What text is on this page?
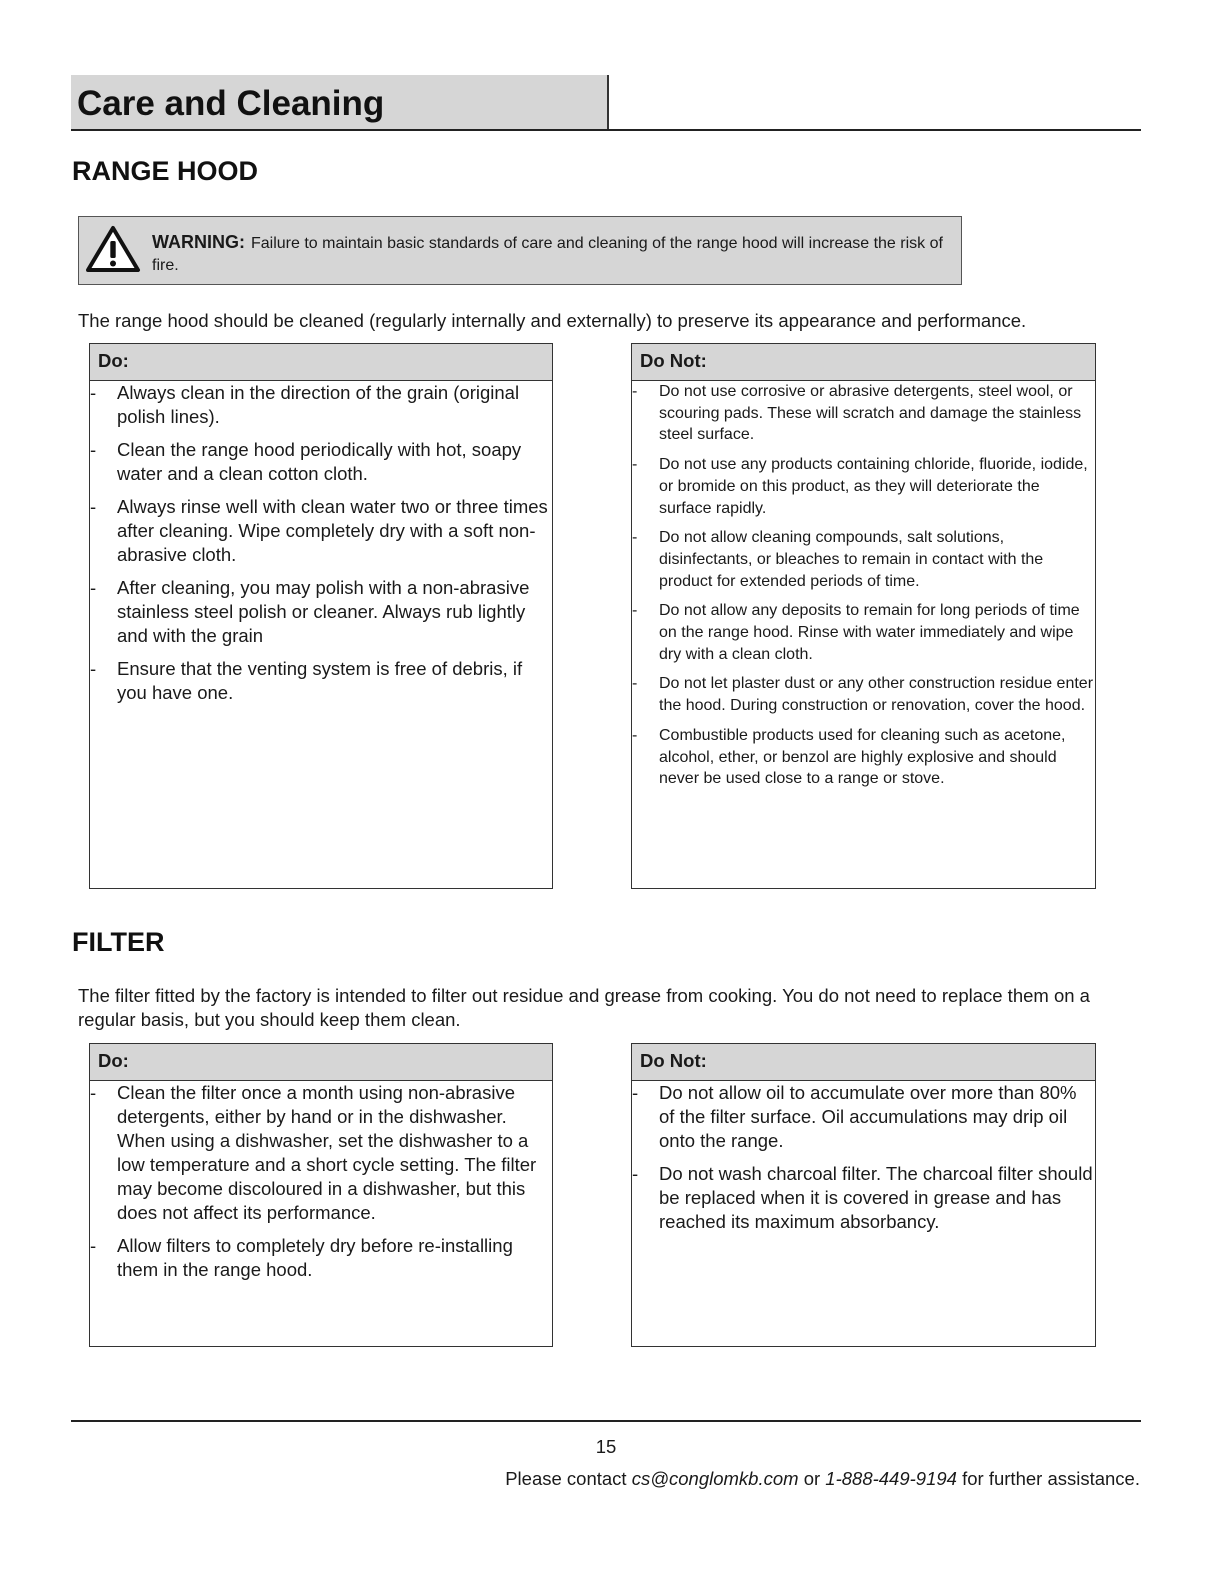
Care and Cleaning
RANGE HOOD
WARNING: Failure to maintain basic standards of care and cleaning of the range hood will increase the risk of fire.
The range hood should be cleaned (regularly internally and externally) to preserve its appearance and performance.
Do:
- Always clean in the direction of the grain (original
polish lines).
- Clean the range hood periodically with hot, soapy water and a clean cotton cloth.
- Always rinse well with clean water two or three times after cleaning. Wipe completely dry with a soft non-abrasive cloth.
- After cleaning, you may polish with a non-abrasive stainless steel polish or cleaner. Always rub lightly and with the grain
- Ensure that the venting system is free of debris, if you have one.
Do Not:
- Do not use corrosive or abrasive detergents, steel wool, or scouring pads. These will scratch and damage the stainless steel surface.
- Do not use any products containing chloride, fluoride, iodide, or bromide on this product, as they will deteriorate the surface rapidly.
- Do not allow cleaning compounds, salt solutions, disinfectants, or bleaches to remain in contact with the product for extended periods of time.
- Do not allow any deposits to remain for long periods of time on the range hood. Rinse with water immediately and wipe dry with a clean cloth.
- Do not let plaster dust or any other construction residue enter the hood. During construction or renovation, cover the hood.
- Combustible products used for cleaning such as acetone, alcohol, ether, or benzol are highly explosive and should never be used close to a range or stove.
FILTER
The filter fitted by the factory is intended to filter out residue and grease from cooking. You do not need to replace them on a regular basis, but you should keep them clean.
Do:
- Clean the filter once a month using non-abrasive detergents, either by hand or in the dishwasher. When using a dishwasher, set the dishwasher to a low temperature and a short cycle setting. The filter may become discoloured in a dishwasher, but this does not affect its performance.
- Allow filters to completely dry before re-installing them in the range hood.
Do Not:
- Do not allow oil to accumulate over more than 80% of the filter surface. Oil accumulations may drip oil onto the range.
- Do not wash charcoal filter. The charcoal filter should be replaced when it is covered in grease and has reached its maximum absorbancy.
15
Please contact cs@conglomkb.com or 1-888-449-9194 for further assistance.
